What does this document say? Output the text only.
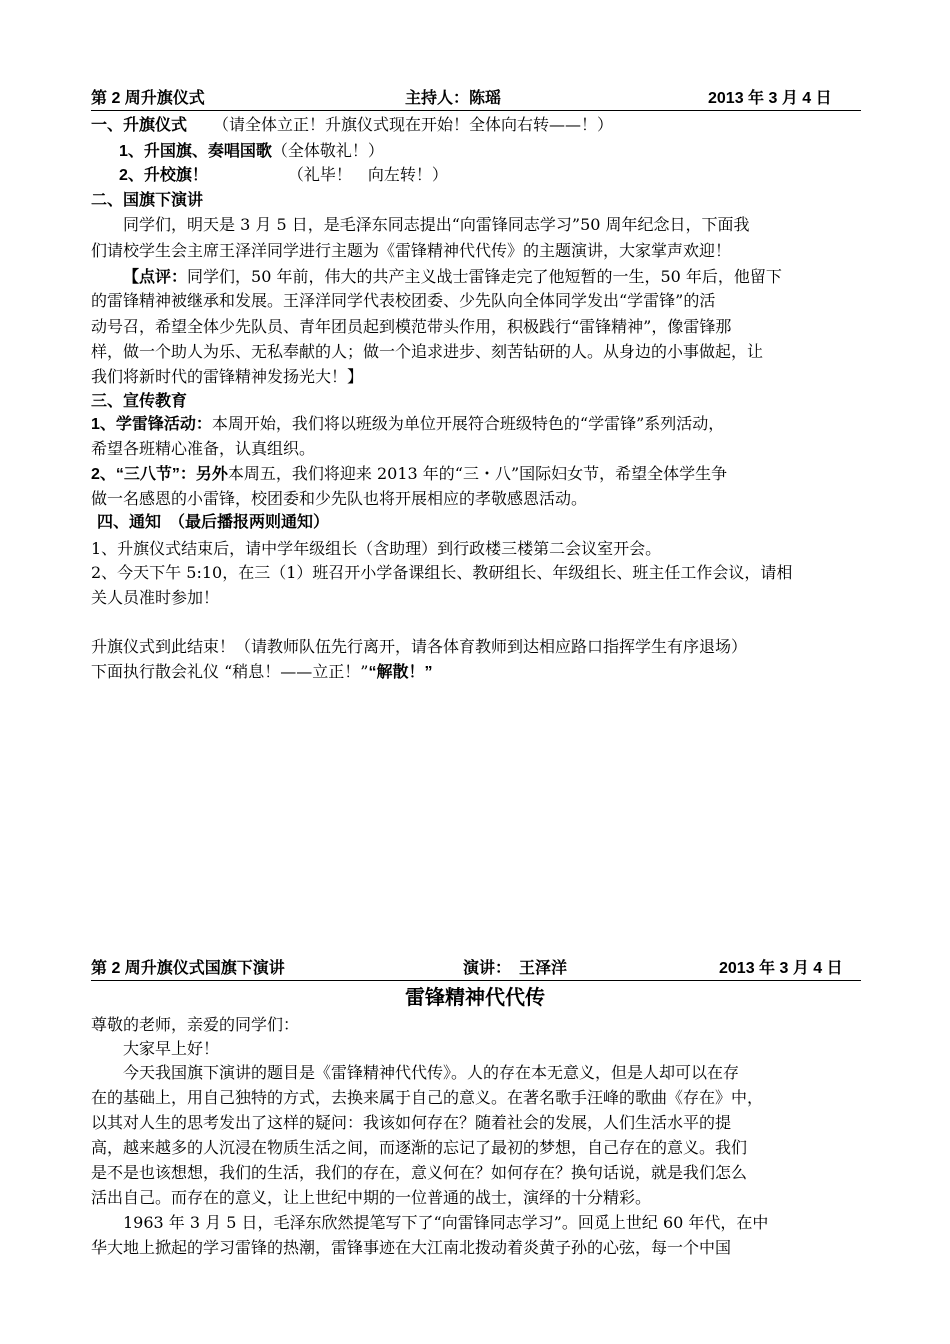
第 2 周升旗仪式	主持人：陈瑶	2013 年 3 月 4 日
一、升旗仪式 （请全体立正！升旗仪式现在开始！全体向右转——！）
1、升国旗、奏唱国歌（全体敬礼！）
2、升校旗！	（礼毕！　向左转！）
二、国旗下演讲
同学们，明天是 3 月 5 日，是毛泽东同志提出“向雷锋同志学习”50 周年纪念日，下面我
们请校学生会主席王泽洋同学进行主题为《雷锋精神代代传》的主题演讲，大家掌声欢迎！
【点评：同学们，50 年前，伟大的共产主义战士雷锋走完了他短暂的一生，50 年后，他留下
的雷锋精神被继承和发展。王泽洋同学代表校团委、少先队向全体同学发出“学雷锋”的活
动号召，希望全体少先队员、青年团员起到模范带头作用，积极践行“雷锋精神”，像雷锋那
样，做一个助人为乐、无私奉献的人；做一个追求进步、刻苦钻研的人。从身边的小事做起，让
我们将新时代的雷锋精神发扬光大！】
三、宣传教育
1、学雷锋活动：本周开始，我们将以班级为单位开展符合班级特色的“学雷锋”系列活动，
希望各班精心准备，认真组织。
2、“三八节”：另外本周五，我们将迎来 2013 年的“三・八”国际妇女节，希望全体学生争
做一名感恩的小雷锋，校团委和少先队也将开展相应的孝敬感恩活动。
四、通知　（最后播报两则通知）
1、升旗仪式结束后，请中学年级组长（含助理）到行政楼三楼第二会议室开会。
2、今天下午 5:10，在三（1）班召开小学备课组长、教研组长、年级组长、班主任工作会议，请相
关人员准时参加！
升旗仪式到此结束！（请教师队伍先行离开，请各体育教师到达相应路口指挥学生有序退场）
下面执行散会礼仪 “稍息！——立正！”“解散！”
第 2 周升旗仪式国旗下演讲	演讲：　王泽洋	2013 年 3 月 4 日
雷锋精神代代传
尊敬的老师，亲爱的同学们：
大家早上好！
今天我国旗下演讲的题目是《雷锋精神代代传》。人的存在本无意义，但是人却可以在存
在的基础上，用自己独特的方式，去换来属于自己的意义。在著名歌手汪峰的歌曲《存在》中，
以其对人生的思考发出了这样的疑问：我该如何存在？随着社会的发展，人们生活水平的提
高，越来越多的人沉浸在物质生活之间，而逐渐的忘记了最初的梦想，自己存在的意义。我们
是不是也该想想，我们的生活，我们的存在，意义何在？如何存在？换句话说，就是我们怎么
活出自己。而存在的意义，让上世纪中期的一位普通的战士，演绎的十分精彩。
1963 年 3 月 5 日，毛泽东欣然提笔写下了“向雷锋同志学习”。回觅上世纪 60 年代，在中
华大地上掀起的学习雷锋的热潮，雷锋事迹在大江南北拨动着炎黄子孙的心弦，每一个中国
